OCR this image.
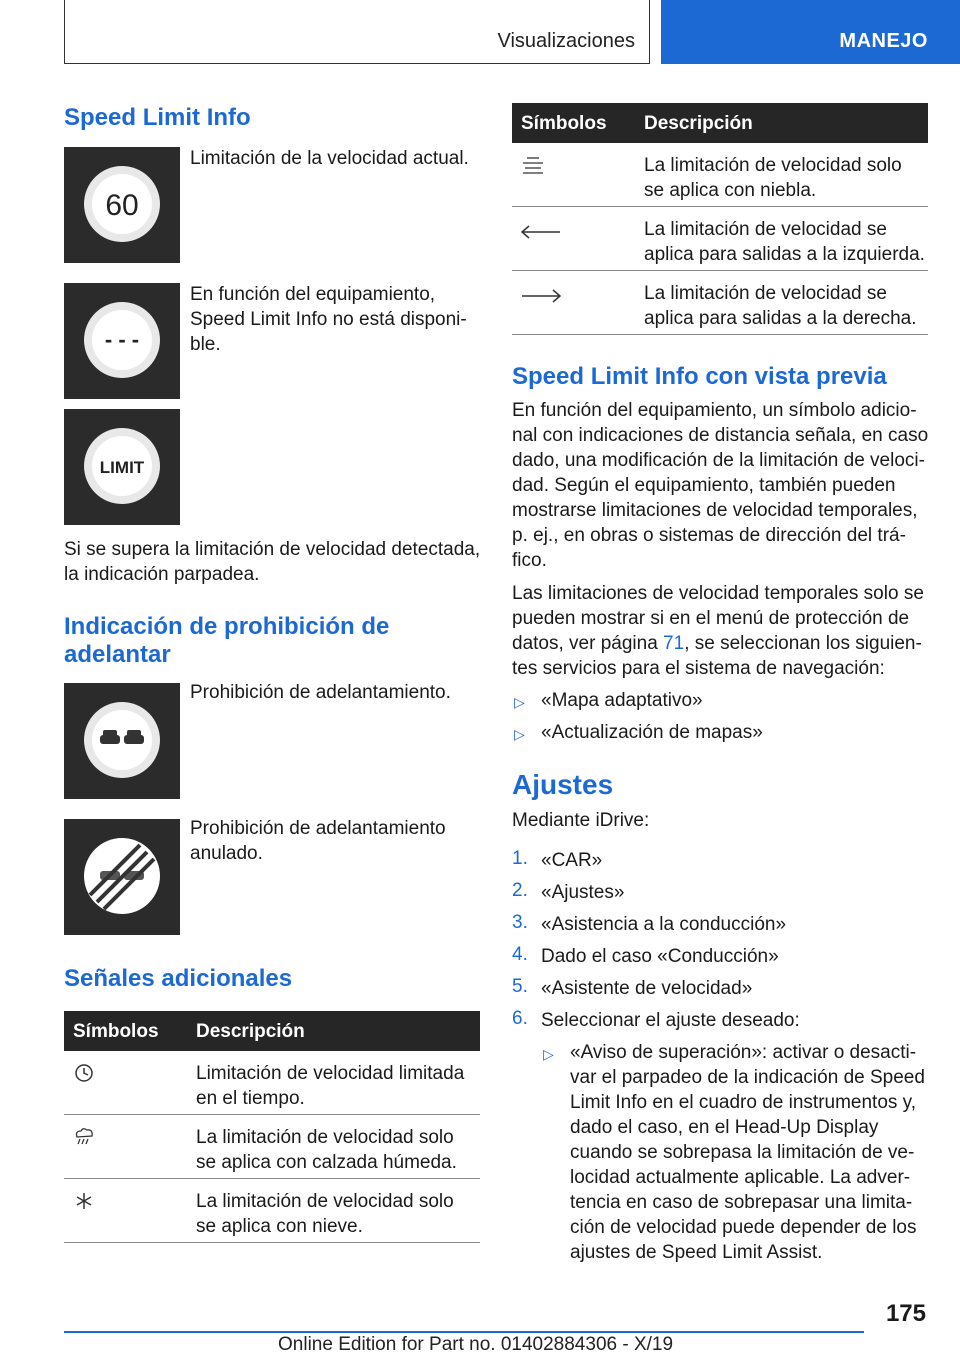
Visualizaciones	MANEJO
Speed Limit Info
60
Limitación de la velocidad actual.
- - -
En función del equipamiento,
Speed Limit Info no está disponi-
ble.
LIMIT
Si se supera la limitación de velocidad detectada,
la indicación parpadea.
Indicación de prohibición de
adelantar
Prohibición de adelantamiento.
Prohibición de adelantamiento
anulado.
Señales adicionales
Símbolos Descripción
Limitación de velocidad limitada
en el tiempo.
La limitación de velocidad solo
se aplica con calzada húmeda.
La limitación de velocidad solo
se aplica con nieve.
Símbolos Descripción
La limitación de velocidad solo
se aplica con niebla.
La limitación de velocidad se
aplica para salidas a la izquierda.
La limitación de velocidad se
aplica para salidas a la derecha.
Speed Limit Info con vista previa
En función del equipamiento, un símbolo adicio-
nal con indicaciones de distancia señala, en caso
dado, una modificación de la limitación de veloci-
dad. Según el equipamiento, también pueden
mostrarse limitaciones de velocidad temporales,
p. ej., en obras o sistemas de dirección del trá-
fico.
Las limitaciones de velocidad temporales solo se
pueden mostrar si en el menú de protección de
datos, ver página 71, se seleccionan los siguien-
tes servicios para el sistema de navegación:
▷ «Mapa adaptativo»
▷ «Actualización de mapas»
Ajustes
Mediante iDrive:
1. «CAR»
2. «Ajustes»
3. «Asistencia a la conducción»
4. Dado el caso «Conducción»
5. «Asistente de velocidad»
6. Seleccionar el ajuste deseado:
▷ «Aviso de superación»: activar o desacti-
var el parpadeo de la indicación de Speed
Limit Info en el cuadro de instrumentos y,
dado el caso, en el Head-Up Display
cuando se sobrepasa la limitación de ve-
locidad actualmente aplicable. La adver-
tencia en caso de sobrepasar una limita-
ción de velocidad puede depender de los
ajustes de Speed Limit Assist.
175
Online Edition for Part no. 01402884306 - X/19
